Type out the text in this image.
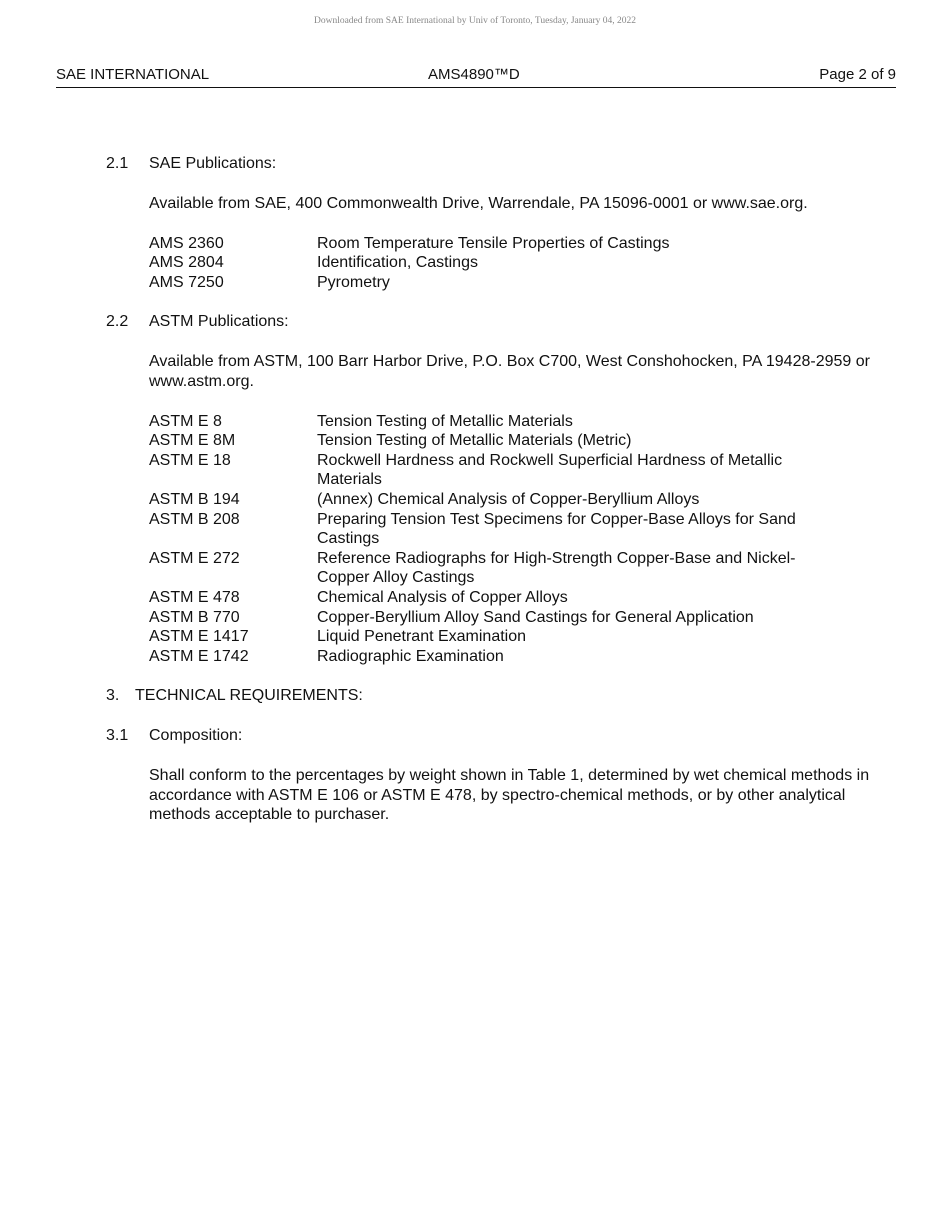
Downloaded from SAE International by Univ of Toronto, Tuesday, January 04, 2022
SAE INTERNATIONAL	AMS4890™D	Page 2 of 9
2.1 SAE Publications:
Available from SAE, 400 Commonwealth Drive, Warrendale, PA 15096-0001 or www.sae.org.
AMS 2360	Room Temperature Tensile Properties of Castings
AMS 2804	Identification, Castings
AMS 7250	Pyrometry
2.2 ASTM Publications:
Available from ASTM, 100 Barr Harbor Drive, P.O. Box C700, West Conshohocken, PA 19428-2959 or www.astm.org.
ASTM E 8	Tension Testing of Metallic Materials
ASTM E 8M	Tension Testing of Metallic Materials (Metric)
ASTM E 18	Rockwell Hardness and Rockwell Superficial Hardness of Metallic Materials
ASTM B 194	(Annex) Chemical Analysis of Copper-Beryllium Alloys
ASTM B 208	Preparing Tension Test Specimens for Copper-Base Alloys for Sand Castings
ASTM E 272	Reference Radiographs for High-Strength Copper-Base and Nickel-Copper Alloy Castings
ASTM E 478	Chemical Analysis of Copper Alloys
ASTM B 770	Copper-Beryllium Alloy Sand Castings for General Application
ASTM E 1417	Liquid Penetrant Examination
ASTM E 1742	Radiographic Examination
3. TECHNICAL REQUIREMENTS:
3.1 Composition:
Shall conform to the percentages by weight shown in Table 1, determined by wet chemical methods in accordance with ASTM E 106 or ASTM E 478, by spectro-chemical methods, or by other analytical methods acceptable to purchaser.
